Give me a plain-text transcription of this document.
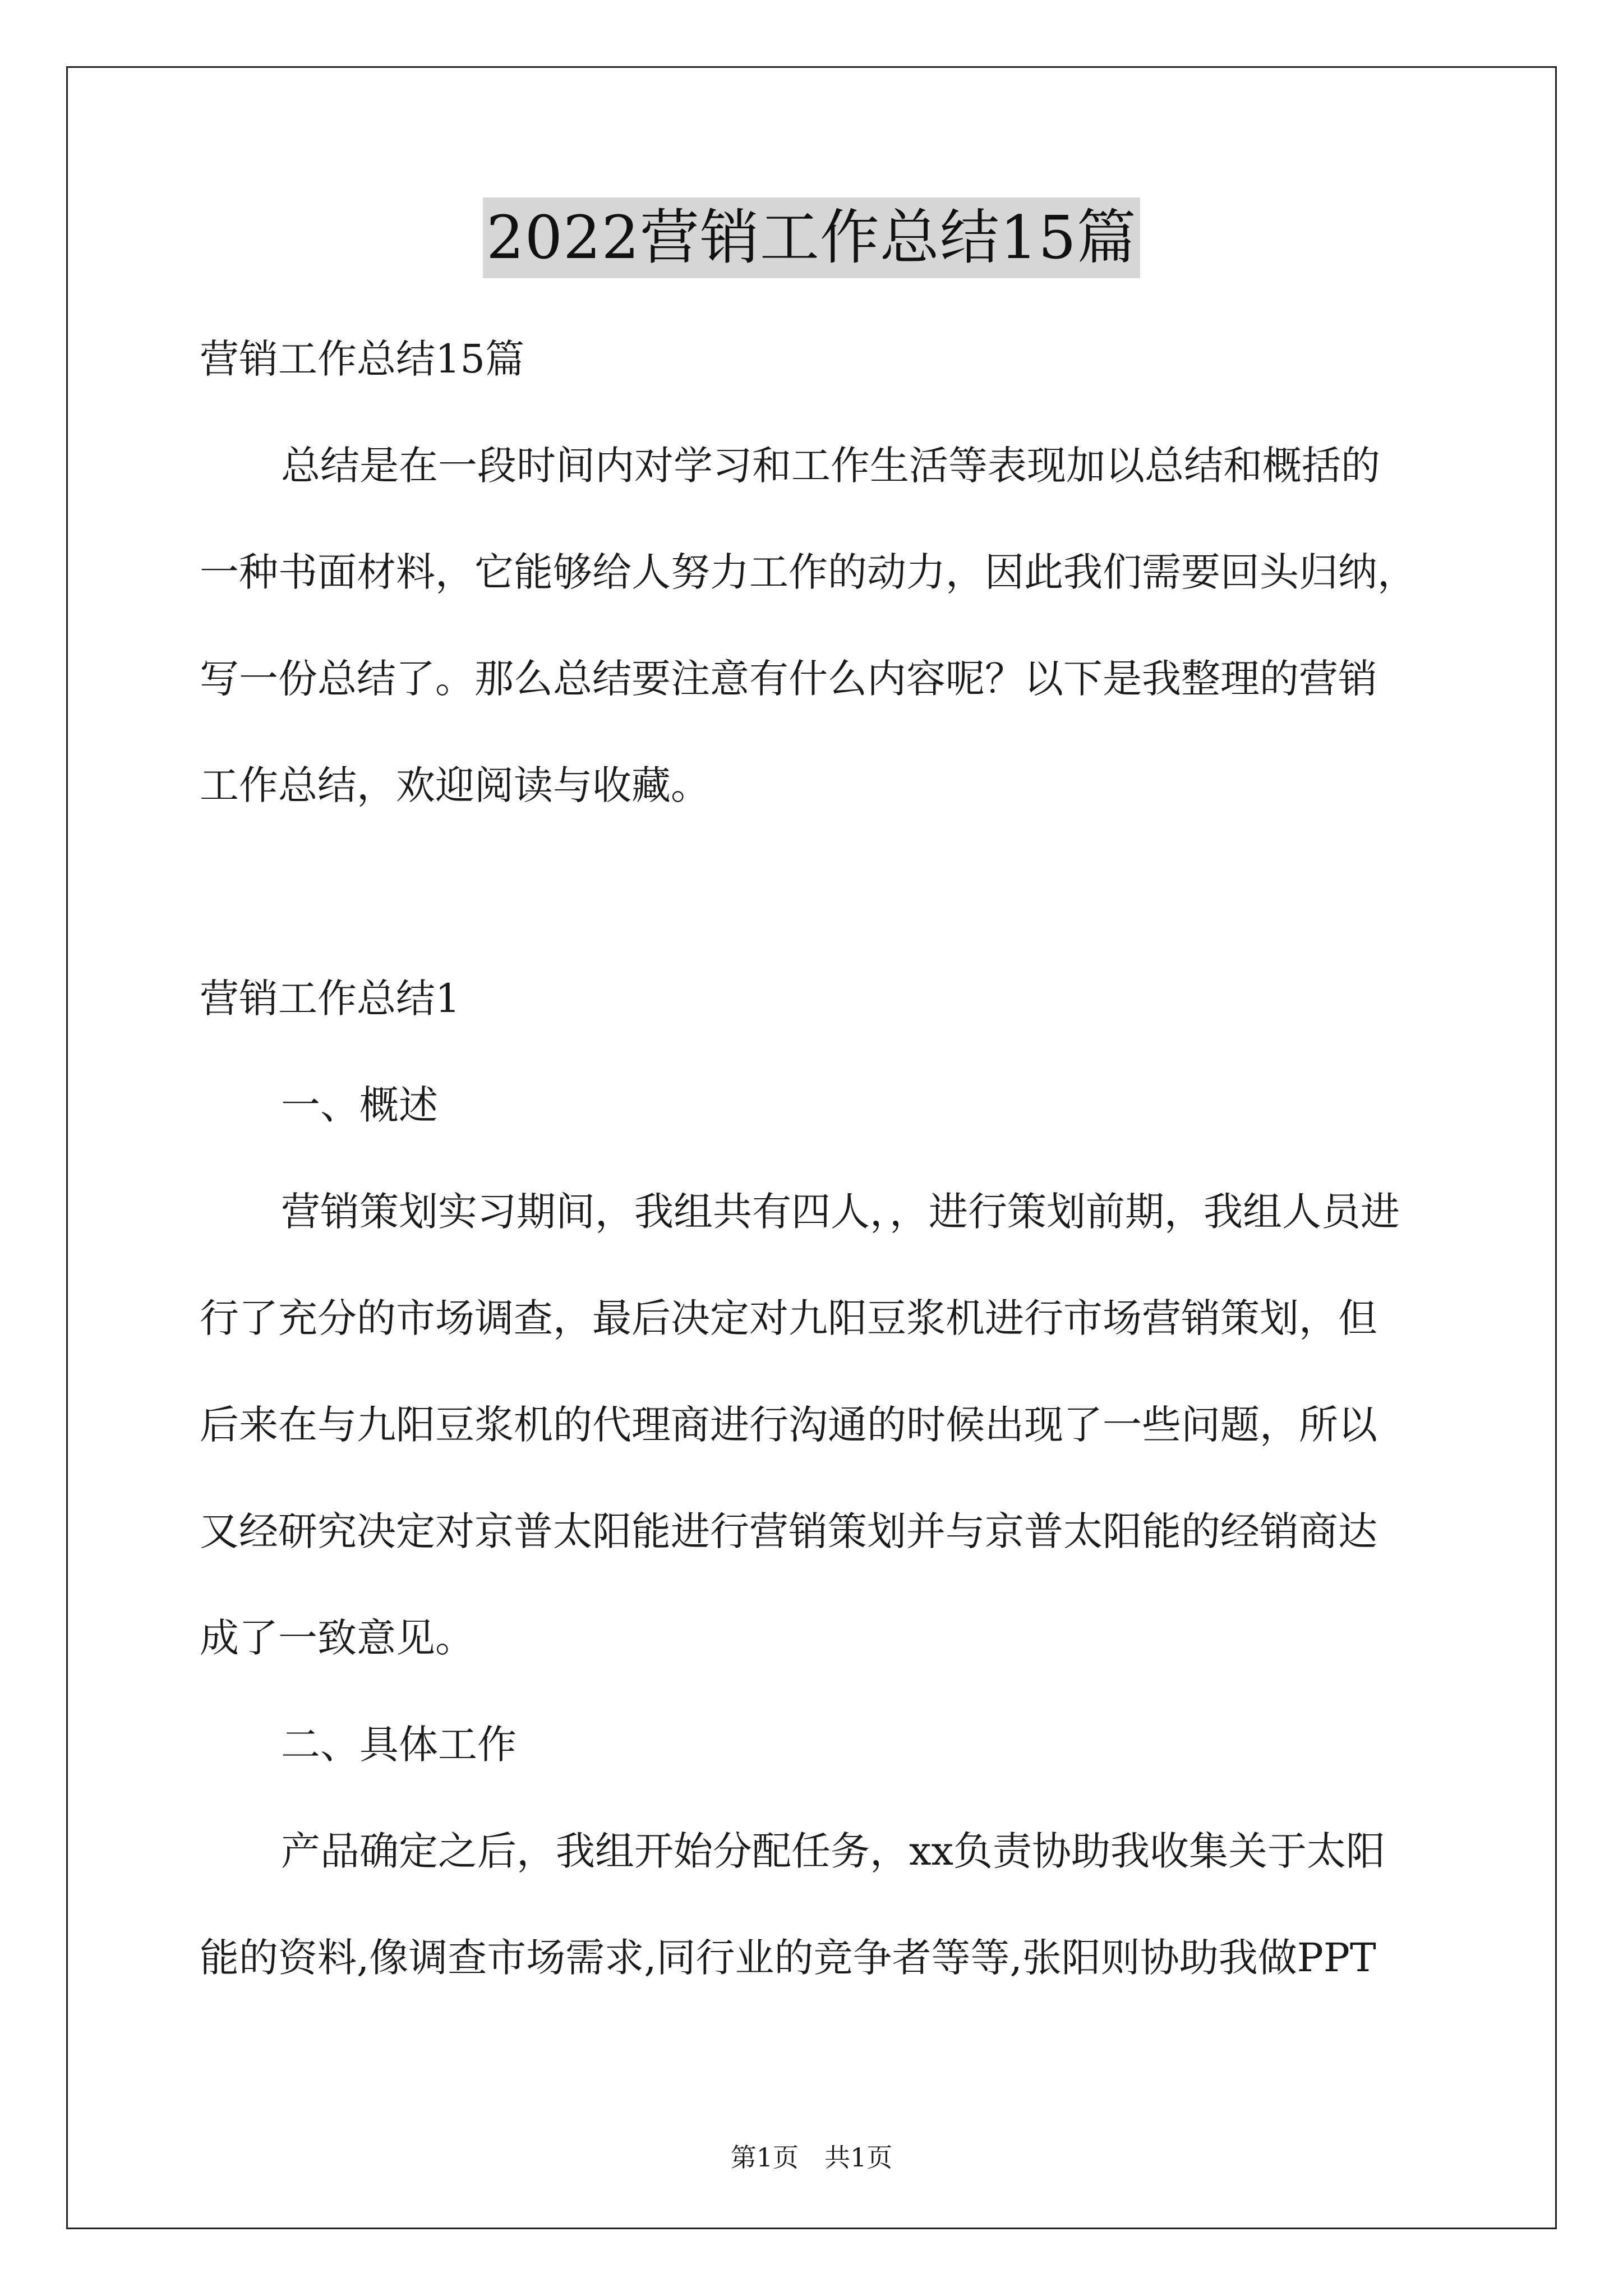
2022营销工作总结15篇

营销工作总结15篇

总结是在一段时间内对学习和工作生活等表现加以总结和概括的

一种书面材料，它能够给人努力工作的动力，因此我们需要回头归纳，

写一份总结了。那么总结要注意有什么内容呢？以下是我整理的营销

工作总结，欢迎阅读与收藏。

营销工作总结1

一、概述

营销策划实习期间，我组共有四人，，进行策划前期，我组人员进

行了充分的市场调查，最后决定对九阳豆浆机进行市场营销策划，但

后来在与九阳豆浆机的代理商进行沟通的时候出现了一些问题，所以

又经研究决定对京普太阳能进行营销策划并与京普太阳能的经销商达

成了一致意见。

二、具体工作

产品确定之后，我组开始分配任务，xx负责协助我收集关于太阳

能的资料,像调查市场需求,同行业的竞争者等等,张阳则协助我做PPT

第1页　共1页
